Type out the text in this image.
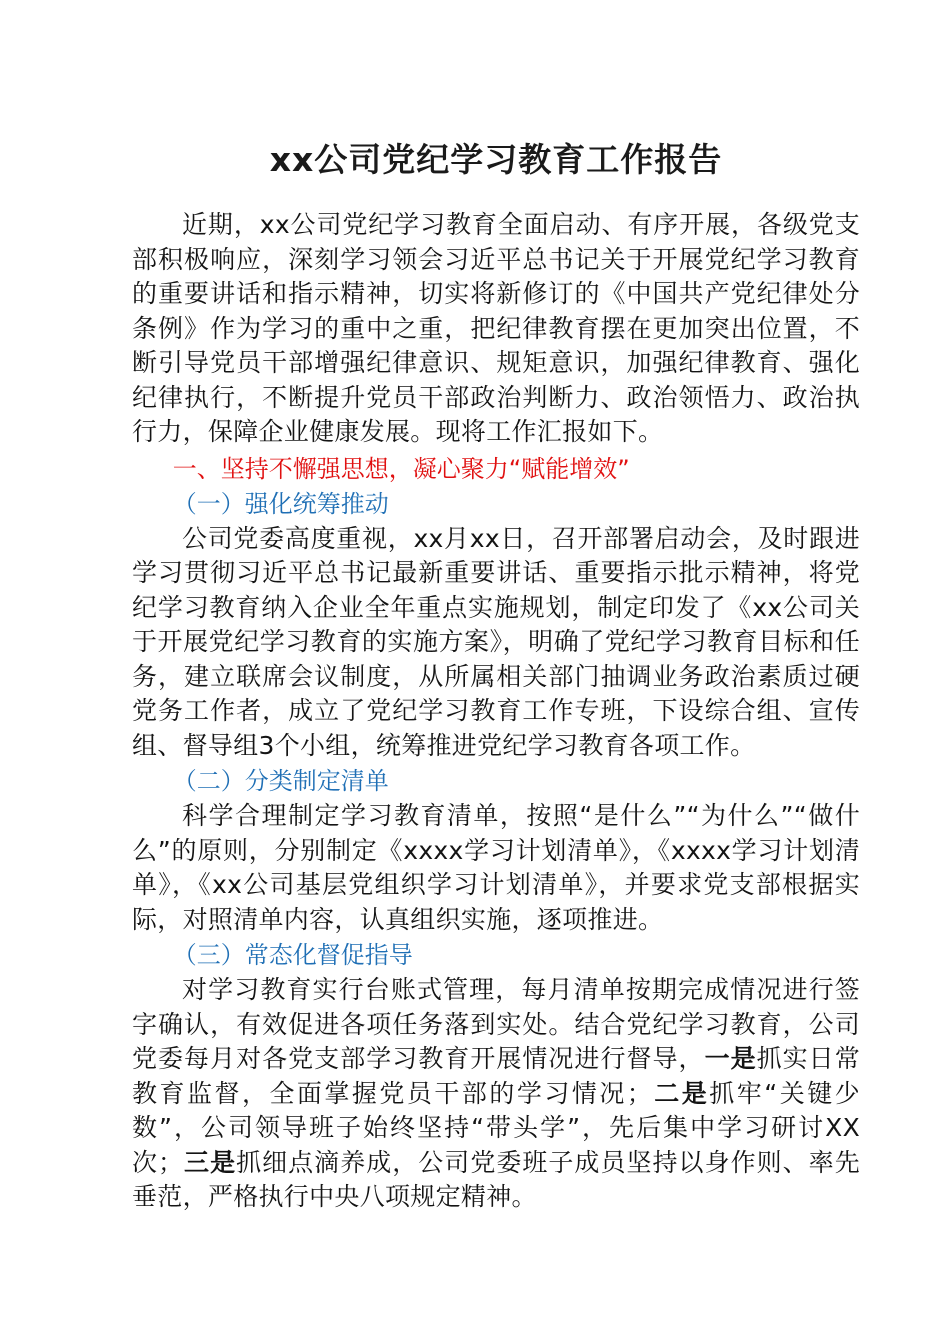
xx公司党纪学习教育工作报告

近期，xx公司党纪学习教育全面启动、有序开展，各级党支部积极响应，深刻学习领会习近平总书记关于开展党纪学习教育的重要讲话和指示精神，切实将新修订的《中国共产党纪律处分条例》作为学习的重中之重，把纪律教育摆在更加突出位置，不断引导党员干部增强纪律意识、规矩意识，加强纪律教育、强化纪律执行，不断提升党员干部政治判断力、政治领悟力、政治执行力，保障企业健康发展。现将工作汇报如下。

一、坚持不懈强思想，凝心聚力“赋能增效”

（一）强化统筹推动

公司党委高度重视，xx月xx日，召开部署启动会，及时跟进学习贯彻习近平总书记最新重要讲话、重要指示批示精神，将党纪学习教育纳入企业全年重点实施规划，制定印发了《xx公司关于开展党纪学习教育的实施方案》，明确了党纪学习教育目标和任务，建立联席会议制度，从所属相关部门抽调业务政治素质过硬党务工作者，成立了党纪学习教育工作专班，下设综合组、宣传组、督导组3个小组，统筹推进党纪学习教育各项工作。

（二）分类制定清单

科学合理制定学习教育清单，按照“是什么”“为什么”“做什么”的原则，分别制定《xxxx学习计划清单》，《xxxx学习计划清单》，《xx公司基层党组织学习计划清单》，并要求党支部根据实际，对照清单内容，认真组织实施，逐项推进。

（三）常态化督促指导

对学习教育实行台账式管理，每月清单按期完成情况进行签字确认，有效促进各项任务落到实处。结合党纪学习教育，公司党委每月对各党支部学习教育开展情况进行督导，一是抓实日常教育监督，全面掌握党员干部的学习情况；二是抓牢“关键少数”，公司领导班子始终坚持“带头学”，先后集中学习研讨XX次；三是抓细点滴养成，公司党委班子成员坚持以身作则、率先垂范，严格执行中央八项规定精神。
